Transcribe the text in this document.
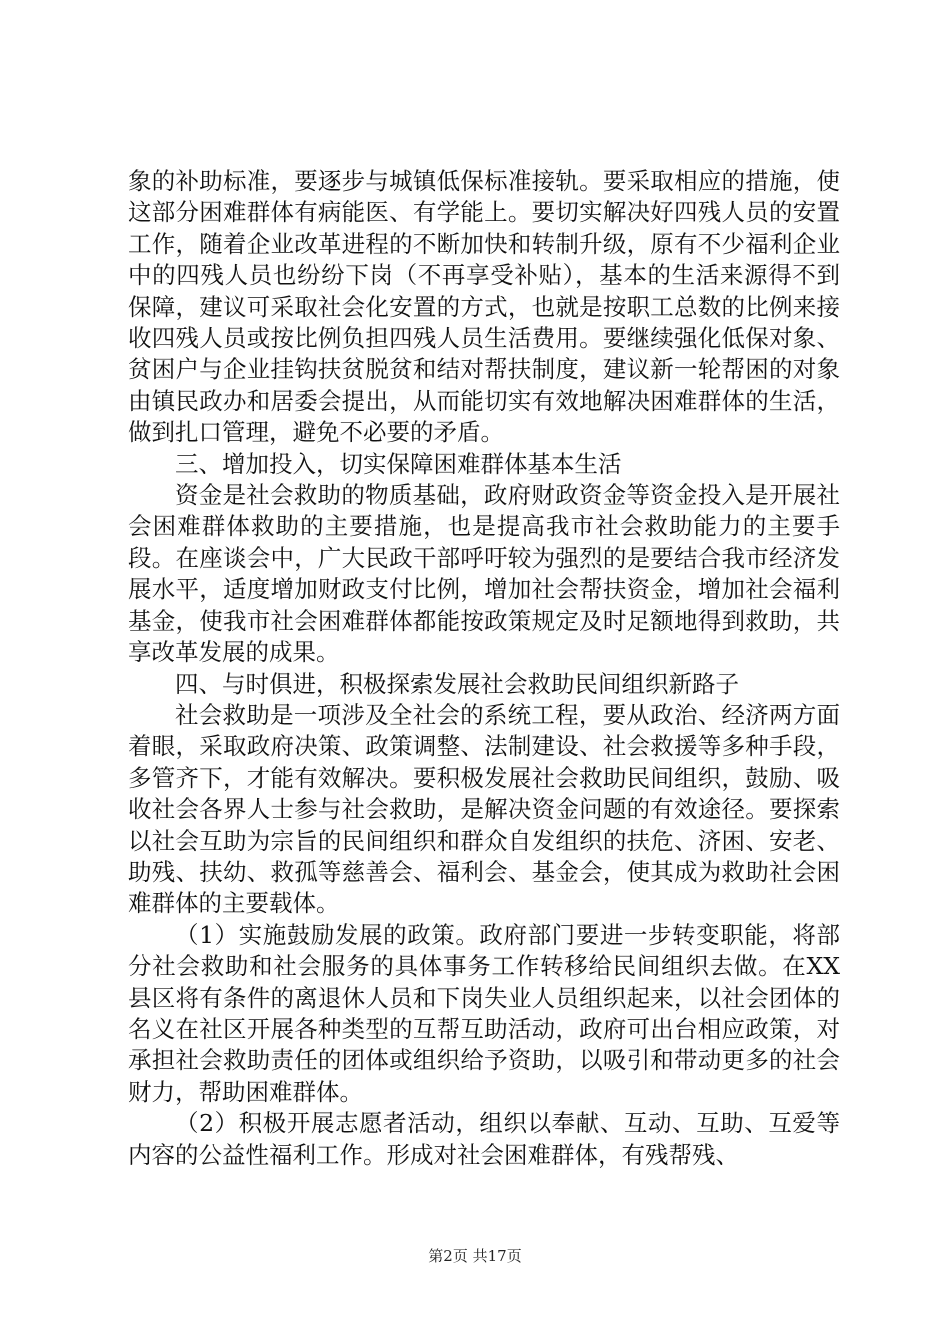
象的补助标准，要逐步与城镇低保标准接轨。要采取相应的措施，使这部分困难群体有病能医、有学能上。要切实解决好四残人员的安置工作，随着企业改革进程的不断加快和转制升级，原有不少福利企业中的四残人员也纷纷下岗（不再享受补贴），基本的生活来源得不到保障，建议可采取社会化安置的方式，也就是按职工总数的比例来接收四残人员或按比例负担四残人员生活费用。要继续强化低保对象、贫困户与企业挂钩扶贫脱贫和结对帮扶制度，建议新一轮帮困的对象由镇民政办和居委会提出，从而能切实有效地解决困难群体的生活，做到扎口管理，避免不必要的矛盾。

三、增加投入，切实保障困难群体基本生活

资金是社会救助的物质基础，政府财政资金等资金投入是开展社会困难群体救助的主要措施，也是提高我市社会救助能力的主要手段。在座谈会中，广大民政干部呼吁较为强烈的是要结合我市经济发展水平，适度增加财政支付比例，增加社会帮扶资金，增加社会福利基金，使我市社会困难群体都能按政策规定及时足额地得到救助，共享改革发展的成果。

四、与时俱进，积极探索发展社会救助民间组织新路子

社会救助是一项涉及全社会的系统工程，要从政治、经济两方面着眼，采取政府决策、政策调整、法制建设、社会救援等多种手段，多管齐下，才能有效解决。要积极发展社会救助民间组织，鼓励、吸收社会各界人士参与社会救助，是解决资金问题的有效途径。要探索以社会互助为宗旨的民间组织和群众自发组织的扶危、济困、安老、助残、扶幼、救孤等慈善会、福利会、基金会，使其成为救助社会困难群体的主要载体。

（1）实施鼓励发展的政策。政府部门要进一步转变职能，将部分社会救助和社会服务的具体事务工作转移给民间组织去做。在XX县区将有条件的离退休人员和下岗失业人员组织起来，以社会团体的名义在社区开展各种类型的互帮互助活动，政府可出台相应政策，对承担社会救助责任的团体或组织给予资助，以吸引和带动更多的社会财力，帮助困难群体。

（2）积极开展志愿者活动，组织以奉献、互动、互助、互爱等内容的公益性福利工作。形成对社会困难群体，有残帮残、

第2页 共17页
